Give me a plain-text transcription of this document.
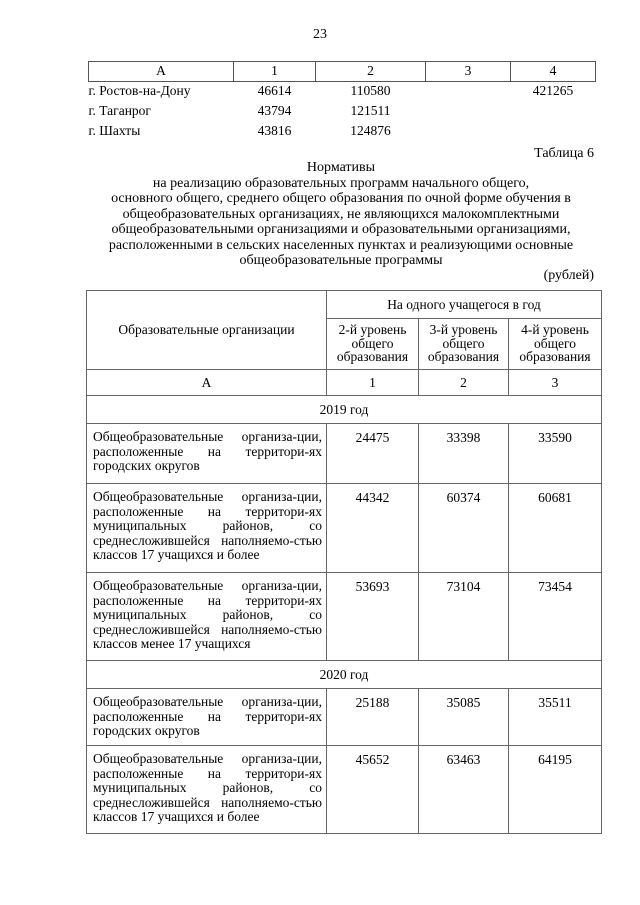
23
А	1	2	3	4
г. Ростов-на-Дону	46614	110580		421265
г. Таганрог	43794	121511		
г. Шахты	43816	124876		
Таблица 6
Нормативы
на реализацию образовательных программ начального общего,
основного общего, среднего общего образования по очной форме обучения в
общеобразовательных организациях, не являющихся малокомплектными
общеобразовательными организациями и образовательными организациями,
расположенными в сельских населенных пунктах и реализующими основные
общеобразовательные программы
(рублей)
Образовательные организации	На одного учащегося в год		
	2-й уровень общего образования	3-й уровень общего образования	4-й уровень общего образования
А	1	2	3
2019 год			
Общеобразовательные организа-ции, расположенные на территори-ях городских округов	24475	33398	33590
Общеобразовательные организа-ции, расположенные на территори-ях муниципальных районов, со среднесложившейся наполняемо-стью классов 17 учащихся и более	44342	60374	60681
Общеобразовательные организа-ции, расположенные на территори-ях муниципальных районов, со среднесложившейся наполняемо-стью классов менее 17 учащихся	53693	73104	73454
2020 год			
Общеобразовательные организа-ции, расположенные на территори-ях городских округов	25188	35085	35511
Общеобразовательные организа-ции, расположенные на территори-ях муниципальных районов, со среднесложившейся наполняемо-стью классов 17 учащихся и более	45652	63463	64195
